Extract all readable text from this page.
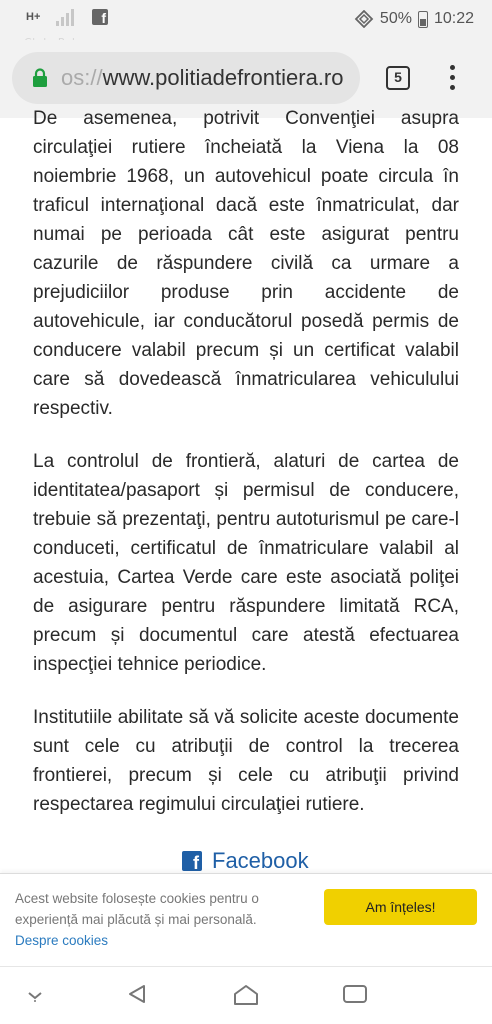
H+	f	50% 10:22
os://www.politiadefrontiera.ro	5

De asemenea, potrivit Convenţiei asupra circulaţiei rutiere încheiată la Viena la 08 noiembrie 1968, un autovehicul poate circula în traficul internaţional dacă este înmatriculat, dar numai pe perioada cât este asigurat pentru cazurile de răspundere civilă ca urmare a prejudiciilor produse prin accidente de autovehicule, iar conducătorul posedă permis de conducere valabil precum și un certificat valabil care să dovedească înmatricularea vehiculului respectiv.

La controlul de frontieră, alaturi de cartea de identitatea/pasaport și permisul de conducere, trebuie să prezentaţi, pentru autoturismul pe care-l conduceti, certificatul de înmatriculare valabil al acestuia, Cartea Verde care este asociată poliţei de asigurare pentru răspundere limitată RCA, precum și documentul care atestă efectuarea inspecţiei tehnice periodice.

Institutiile abilitate să vă solicite aceste documente sunt cele cu atribuţii de control la trecerea frontierei, precum și cele cu atribuţii privind respectarea regimului circulaţiei rutiere.

f Facebook
Acest website folosește cookies pentru o experiență mai plăcută și mai personală.
Despre cookies
Am înțeles!
